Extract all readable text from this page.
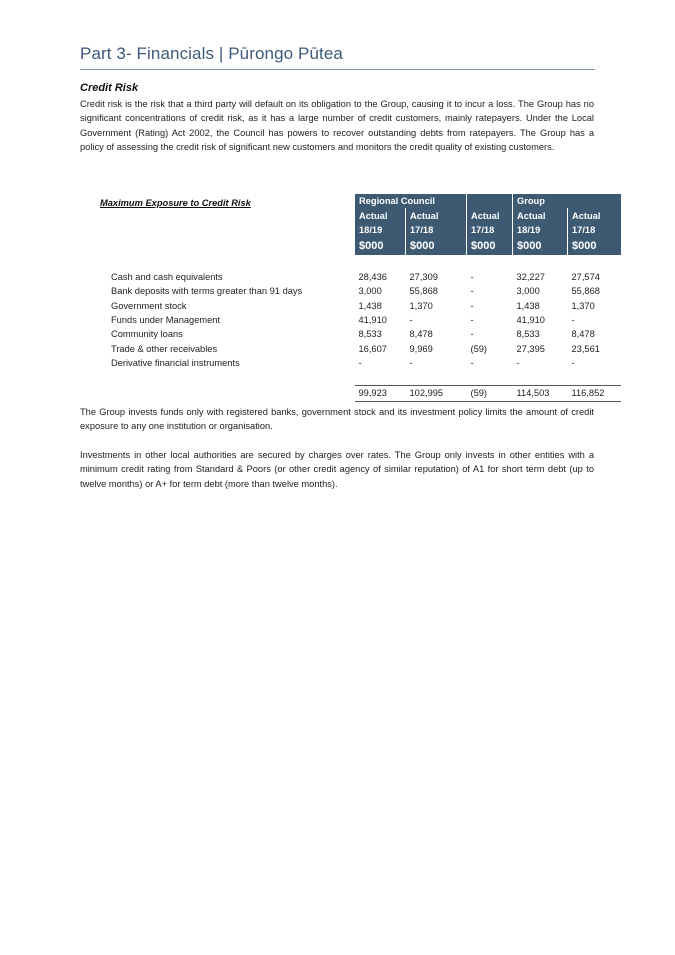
Part 3- Financials | Pūrongo Pūtea
Credit Risk

Credit risk is the risk that a third party will default on its obligation to the Group, causing it to incur a loss. The Group has no significant concentrations of credit risk, as it has a large number of credit customers, mainly ratepayers. Under the Local Government (Rating) Act 2002, the Council has powers to recover outstanding debts from ratepayers. The Group has a policy of assessing the credit risk of significant new customers and monitors the credit quality of existing customers.

	Regional Council			Group	
	Actual	Actual	Actual	Actual	Actual
	18/19	17/18	17/18	18/19	17/18
	$000	$000	$000	$000	$000

Cash and cash equivalents	28,436	27,309	-	32,227	27,574
Bank deposits with terms greater than 91 days	3,000	55,868	-	3,000	55,868
Government stock	1,438	1,370	-	1,438	1,370
Funds under Management	41,910	-	-	41,910	-
Community loans	8,533	8,478	-	8,533	8,478
Trade & other receivables	16,607	9,969	(59)	27,395	23,561
Derivative financial instruments	-	-	-	-	-

	99,923	102,995	(59)	114,503	116,852
Maximum Exposure to Credit Risk

The Group invests funds only with registered banks, government stock and its investment policy limits the amount of credit exposure to any one institution or organisation.

Investments in other local authorities are secured by charges over rates. The Group only invests in other entities with a minimum credit rating from Standard & Poors (or other credit agency of similar reputation) of A1 for short term debt (up to twelve months) or A+ for term debt (more than twelve months).
